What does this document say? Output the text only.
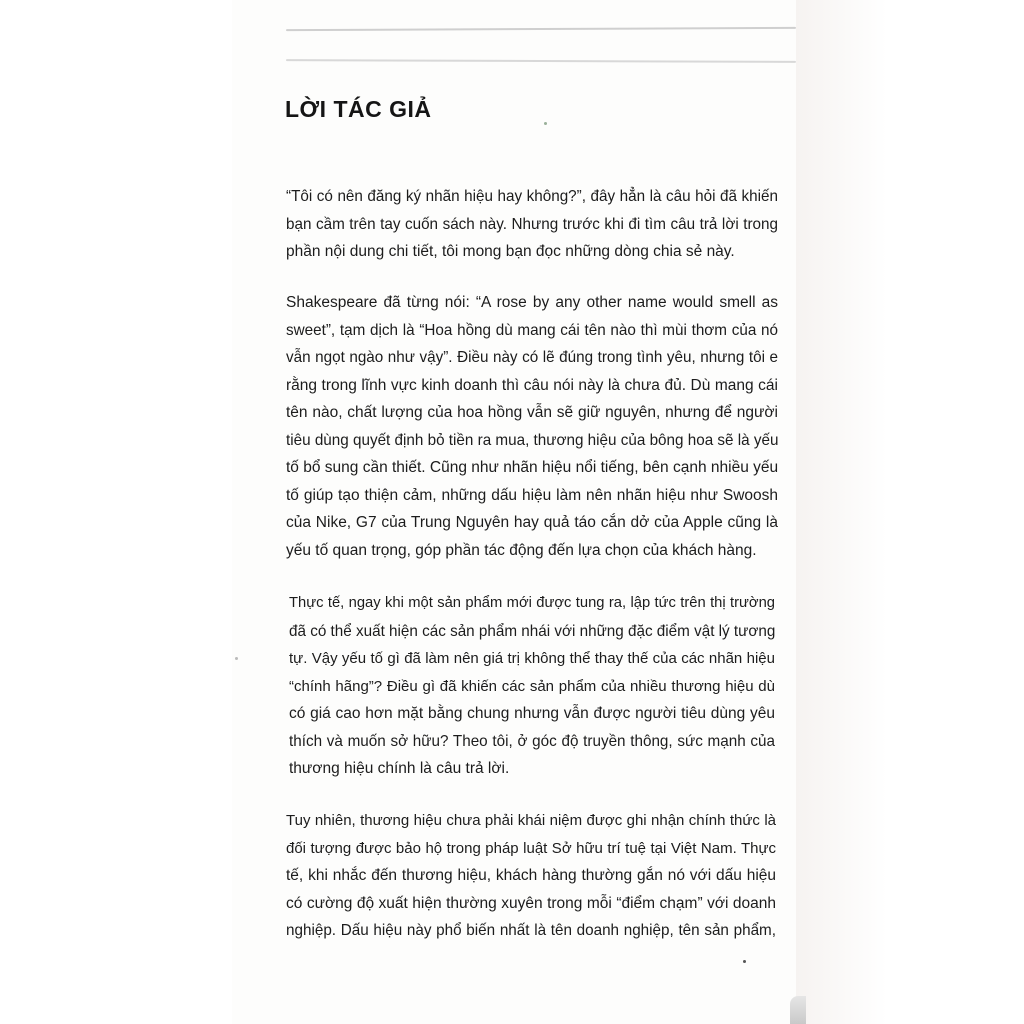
LỜI TÁC GIẢ
“Tôi có nên đăng ký nhãn hiệu hay không?”, đây hẳn là câu hỏi đã khiến
bạn cầm trên tay cuốn sách này. Nhưng trước khi đi tìm câu trả lời trong
phần nội dung chi tiết, tôi mong bạn đọc những dòng chia sẻ này.
Shakespeare đã từng nói: “A rose by any other name would smell as
sweet”, tạm dịch là “Hoa hồng dù mang cái tên nào thì mùi thơm của nó
vẫn ngọt ngào như vậy”. Điều này có lẽ đúng trong tình yêu, nhưng tôi e
rằng trong lĩnh vực kinh doanh thì câu nói này là chưa đủ. Dù mang cái
tên nào, chất lượng của hoa hồng vẫn sẽ giữ nguyên, nhưng để người
tiêu dùng quyết định bỏ tiền ra mua, thương hiệu của bông hoa sẽ là yếu
tố bổ sung cần thiết. Cũng như nhãn hiệu nổi tiếng, bên cạnh nhiều yếu
tố giúp tạo thiện cảm, những dấu hiệu làm nên nhãn hiệu như Swoosh
của Nike, G7 của Trung Nguyên hay quả táo cắn dở của Apple cũng là
yếu tố quan trọng, góp phần tác động đến lựa chọn của khách hàng.
Thực tế, ngay khi một sản phẩm mới được tung ra, lập tức trên thị trường
đã có thể xuất hiện các sản phẩm nhái với những đặc điểm vật lý tương
tự. Vậy yếu tố gì đã làm nên giá trị không thể thay thế của các nhãn hiệu
“chính hãng”? Điều gì đã khiến các sản phẩm của nhiều thương hiệu dù
có giá cao hơn mặt bằng chung nhưng vẫn được người tiêu dùng yêu
thích và muốn sở hữu? Theo tôi, ở góc độ truyền thông, sức mạnh của
thương hiệu chính là câu trả lời.
Tuy nhiên, thương hiệu chưa phải khái niệm được ghi nhận chính thức là
đối tượng được bảo hộ trong pháp luật Sở hữu trí tuệ tại Việt Nam. Thực
tế, khi nhắc đến thương hiệu, khách hàng thường gắn nó với dấu hiệu
có cường độ xuất hiện thường xuyên trong mỗi “điểm chạm” với doanh
nghiệp. Dấu hiệu này phổ biến nhất là tên doanh nghiệp, tên sản phẩm,
